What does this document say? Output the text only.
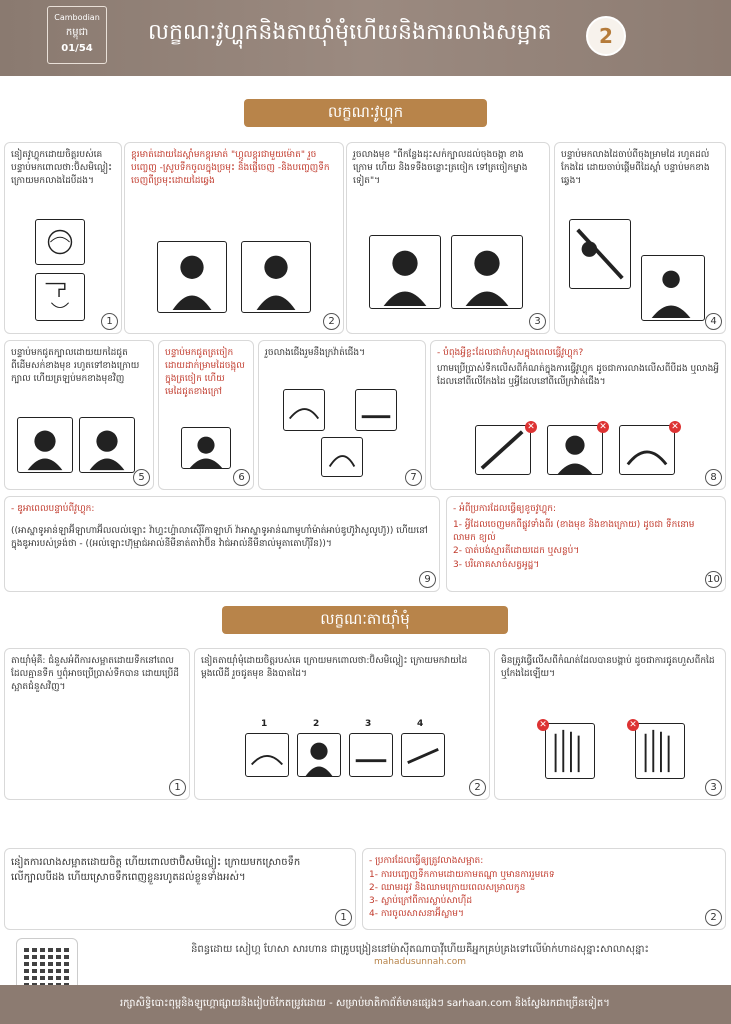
Cambodian
កម្ពុជា
01/54
លក្ខណៈវូហ្ហុកនិងតាយ៉ាំមុំហើយនិងការលាងសម្អាត	2
លក្ខណៈវូហ្ហុក
នៀតវូហ្ហុកដោយចិត្តរបស់គេ បន្ទាប់មកពោលថា:ប៊ិសមិល្លៀះ ក្រោយមកលាងដៃបីដង។
1
ខ្ពុរមាត់ដោយដៃស្ដាំមកខ្ពុរមាត់ "ហ្គូលខ្ពុរជាមួយម៉ោត" រួចបញ្ចេញ -ស្រូបទឹកចូលក្នុងច្រមុះ និងផ្ញើចេញ -និងបញ្ចេញទឹកចេញពីច្រមុះដោយដៃឆ្វេង
2
រួចលាងមុខ "ពីកន្លែងដុះសក់ក្បាលដល់ចុងចង្កា ខាងក្រោម ហើយ និងទទឹងចន្លោះត្រចៀក ទៅត្រចៀកម្ខាងទៀត"។
3
បន្ទាប់មកលាងដៃចាប់ពីចុងម្រាមដៃ រហូតដល់កែងដៃ ដោយចាប់ផ្ដើមពីដៃស្ដាំ បន្ទាប់មកខាងឆ្វេង។
4
បន្ទាប់មកជូតក្បាលដោយយកដៃជូតពីដើមសក់ខាងមុខ រហូតទៅខាងក្រោយក្បាល ហើយត្រឡប់មកខាងមុខវិញ
5
បន្ទាប់មកជូតត្រចៀកដោយដាក់ម្រាមដៃចង្អុលក្នុងត្រចៀក ហើយមេដៃជូតខាងក្រៅ
6
រួចលាងជើងរួមនឹងក្រវ៉ាត់ជើង។
7
- បំពុងអ្វីខ្លះដែលជាកំហុសក្នុងពេលធ្វើវូហ្ហុក?
ហាមប្រើប្រាស់ទឹកលើសពីកំណត់ក្នុងការធ្វើវូហ្ហុក ដូចជាការលាងលើសពីបីដង ឬលាងអ្វីដែលនៅពីលើកែងដៃ ឬអ្វីដែលនៅពីលើក្រវ៉ាត់ជើង។
✕	✕	✕
8
- ឌូអាពេលបន្ទាប់ពីវូហ្ហុក:
((អាស្ហាទូអាន់ឡាអ៊ីឡាហាអ៊ីលលល់ឡោះ វ៉ាហ្ទះហ្ទ៉ាលាស៊ើរីកាឡាហ៍ វ៉ាអាស្ហាទូអាន់ណាមូហាំម៉ាត់អាប់ឌូហ៊ូវ៉ាសូលូហ៊ូ)) ហើយនៅក្នុងឌូអារបស់ទ្រង់ថា - ((អល់ឡោះហ៊ុម្មាជ់អាល់នីមីនាត់តាវ៉ាប៊ីន វ៉ាជ់អាល់នីមីនាល់មូតាតោហ៊ីរីន))។
9
- អំពីប្រការដែលធ្វើឲ្យខូចវូហ្ហុក:
1- អ្វីដែលចេញមកពីផ្លូវទាំងពីរ (ខាងមុខ និងខាងក្រោយ) ដូចជា ទឹកនោម លាមក ខ្យល់
2- បាត់បង់ស្មារតីដោយដេក ឬសន្លប់។
3- បរិភោគសាច់សត្វអូដ្ឋ។
10
លក្ខណៈតាយ៉ាំមុំ
តាយ៉ាំមុំគឺ: ជំនួសអំពីការសម្អាតដោយទឹកនៅពេលដែលគ្មានទឹក ឬពុំអាចប្រើប្រាស់ទឹកបាន ដោយប្រើដីស្អាតជំនួសវិញ។
1
នៀតតាយ៉ាំមុំដោយចិត្តរបស់គេ ក្រោយមកពោលថា:ប៊ិសមិល្លៀះ ក្រោយមកវាយដៃម្ដងលើដី រួចជូតមុខ និងបាតដៃ។
1	2	3	4
2
មិនត្រូវធ្វើលើសពីកំណត់ដែលបានបង្គាប់ ដូចជាការជូតហួសពីកដៃ ឬកែងដៃឡើយ។
✕	✕
3
នៀតការលាងសម្អាតដោយចិត្ត ហើយពោលថាប៊ិសមិល្លៀះ ក្រោយមកស្រោចទឹកលើក្បាលបីដង ហើយស្រោចទឹកពេញខ្លួនរហូតដល់ខ្លួនទាំងអស់។
1
- ប្រការដែលធ្វើឲ្យត្រូវលាងសម្អាត:
1- ការបញ្ចេញទឹកកាមដោយកាមតណ្ហា ឬមានការរួមភេទ
2- ឈាមរដូវ និងឈាមក្រោយពេលសម្រាលកូន
3- ស្លាប់ក្រៅពីការស្លាប់សាហ៊ីដ
4- ការចូលសាសនាអ៊ីស្លាម។	2
និពន្ធដោយ សៀហ្គ ហែសា សារហាន ជាគ្រូបង្រៀននៅម៉ាស៊ីតណាបាវ៉ីហើយគឺអ្នកគ្រប់គ្រងទៅលើម៉ាក់ហាដសុន្នាះសាលាសុន្នាះ
mahadusunnah.com
រក្សាសិទ្ធិបោះពុម្ពនិងឡូហ្គោផ្សាយនិងរៀបចំកែតម្រូវដោយ - សម្រាប់មាតិកាព័ត៌មានផ្សេងៗ sarhaan.com និងស្វែងរកជាច្រើនទៀត។
